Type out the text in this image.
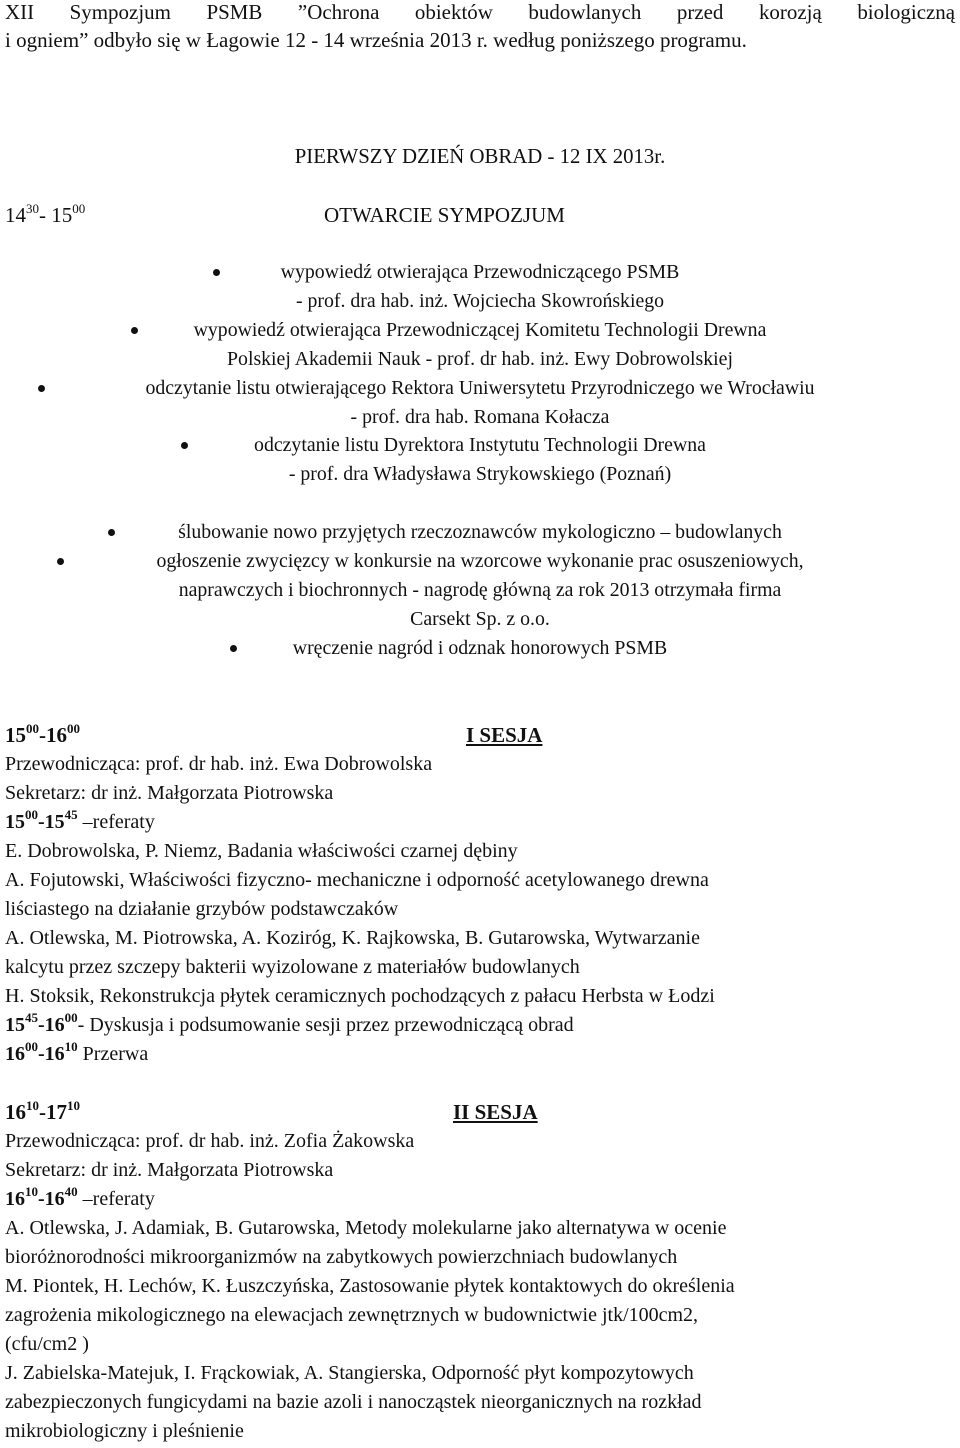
XII Sympozjum PSMB ”Ochrona obiektów budowlanych przed korozją biologiczną
i ogniem” odbyło się w Łagowie 12 - 14 września 2013 r. według poniższego programu.
PIERWSZY DZIEŃ OBRAD - 12 IX 2013r.
$14^{30}-$ $15^{00}$	OTWARCIE SYMPOZJUM
wypowiedź otwierająca Przewodniczącego PSMB
- prof. dra hab. inż. Wojciecha Skowrońskiego
wypowiedź otwierająca Przewodniczącej Komitetu Technologii Drewna
Polskiej Akademii Nauk - prof. dr hab. inż. Ewy Dobrowolskiej
odczytanie listu otwierającego Rektora Uniwersytetu Przyrodniczego we Wrocławiu
- prof. dra hab. Romana Kołacza
odczytanie listu Dyrektora Instytutu Technologii Drewna
- prof. dra Władysława Strykowskiego (Poznań)
ślubowanie nowo przyjętych rzeczoznawców mykologiczno – budowlanych
ogłoszenie zwycięzcy w konkursie na wzorcowe wykonanie prac osuszeniowych,
naprawczych i biochronnych - nagrodę główną za rok 2013 otrzymała firma
Carsekt Sp. z o.o.
wręczenie nagród i odznak honorowych PSMB
$15^{00}-16^{00}$	I SESJA
Przewodnicząca: prof. dr hab. inż. Ewa Dobrowolska
Sekretarz: dr inż. Małgorzata Piotrowska
$15^{00}-15^{45}$ –referaty
E. Dobrowolska, P. Niemz, Badania właściwości czarnej dębiny
A. Fojutowski, Właściwości fizyczno- mechaniczne i odporność acetylowanego drewna
liściastego na działanie grzybów podstawczaków
A. Otlewska, M. Piotrowska, A. Koziróg, K. Rajkowska, B. Gutarowska, Wytwarzanie
kalcytu przez szczepy bakterii wyizolowane z materiałów budowlanych
H. Stoksik, Rekonstrukcja płytek ceramicznych pochodzących z pałacu Herbsta w Łodzi
$15^{45}-16^{00}-$ Dyskusja i podsumowanie sesji przez przewodniczącą obrad
$16^{00}-16^{10}$ Przerwa
$16^{10}-17^{10}$	II SESJA
Przewodnicząca: prof. dr hab. inż. Zofia Żakowska
Sekretarz: dr inż. Małgorzata Piotrowska
$16^{10}-16^{40}$ –referaty
A. Otlewska, J. Adamiak, B. Gutarowska, Metody molekularne jako alternatywa w ocenie
bioróżnorodności mikroorganizmów na zabytkowych powierzchniach budowlanych
M. Piontek, H. Lechów, K. Łuszczyńska, Zastosowanie płytek kontaktowych do określenia
zagrożenia mikologicznego na elewacjach zewnętrznych w budownictwie jtk/100cm2,
(cfu/cm2 )
J. Zabielska-Matejuk, I. Frąckowiak, A. Stangierska, Odporność płyt kompozytowych
zabezpieczonych fungicydami na bazie azoli i nanocząstek nieorganicznych na rozkład
mikrobiologiczny i pleśnienie
